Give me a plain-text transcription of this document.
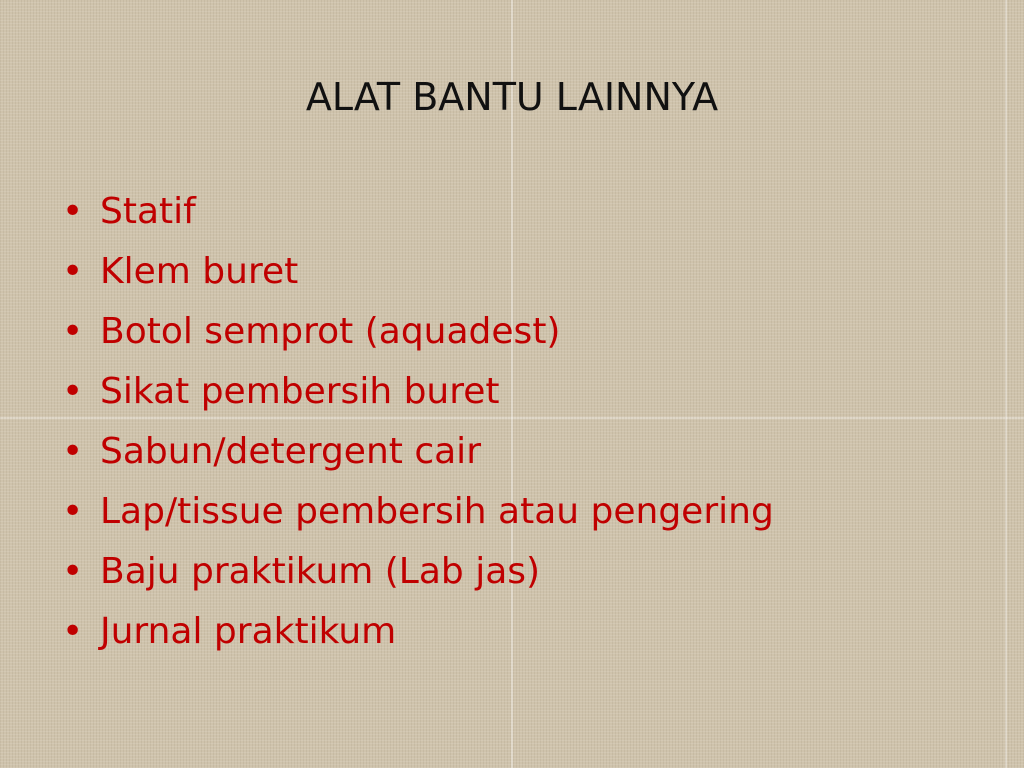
ALAT BANTU LAINNYA
• Statif
• Klem buret
• Botol semprot (aquadest)
• Sikat pembersih buret
• Sabun/detergent cair
• Lap/tissue pembersih atau pengering
• Baju praktikum (Lab jas)
• Jurnal praktikum
